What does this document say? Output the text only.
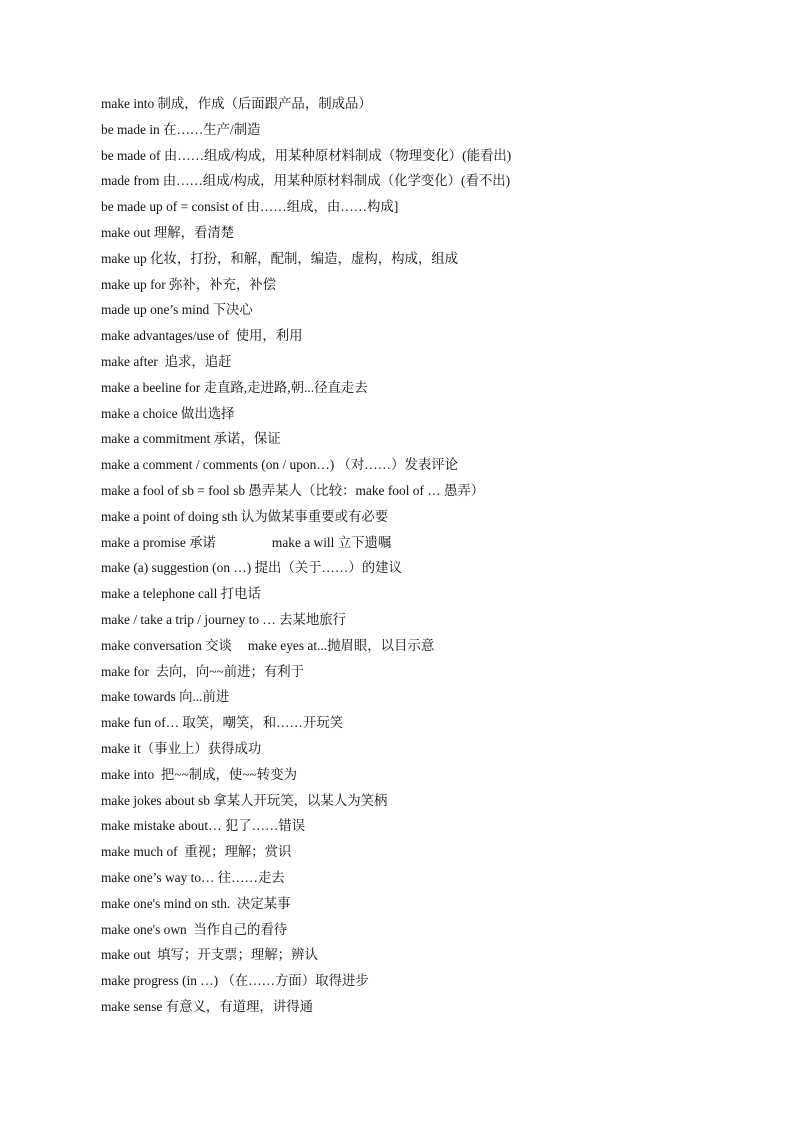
make into 制成，作成（后面跟产品，制成品）
be made in 在……生产/制造
be made of 由……组成/构成，用某种原材料制成（物理变化）(能看出)
made from 由……组成/构成，用某种原材料制成（化学变化）(看不出)
be made up of = consist of 由……组成，由……构成]
make out 理解，看清楚
make up 化妆，打扮，和解，配制，编造，虚构，构成，组成
make up for 弥补，补充，补偿
made up one’s mind 下决心
make advantages/use of  使用，利用
make after  追求，追赶
make a beeline for 走直路,走进路,朝...径直走去
make a choice 做出选择
make a commitment 承诺，保证
make a comment / comments (on / upon…) （对……）发表评论
make a fool of sb = fool sb 愚弄某人（比较：make fool of … 愚弄）
make a point of doing sth 认为做某事重要或有必要
make a promise 承诺	make a will 立下遗嘱
make (a) suggestion (on …) 提出（关于……）的建议
make a telephone call 打电话
make / take a trip / journey to … 去某地旅行
make conversation 交谈 make eyes at...抛眉眼，以目示意
make for  去向，向~~前进；有利于
make towards 向...前进
make fun of… 取笑，嘲笑，和……开玩笑
make it（事业上）获得成功
make into  把~~制成，使~~转变为
make jokes about sb 拿某人开玩笑，以某人为笑柄
make mistake about… 犯了……错误
make much of  重视；理解；赏识
make one’s way to… 往……走去
make one's mind on sth.  决定某事
make one's own  当作自己的看待
make out  填写；开支票；理解；辨认
make progress (in …) （在……方面）取得进步
make sense 有意义，有道理，讲得通
